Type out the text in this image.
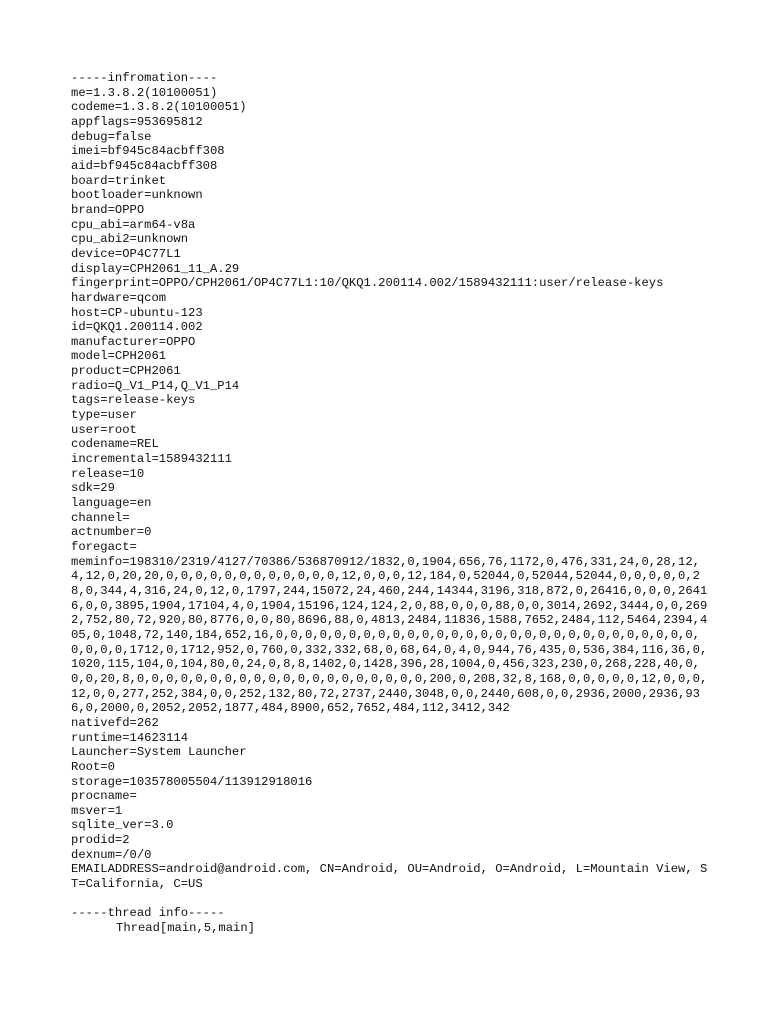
-----infromation----
me=1.3.8.2(10100051)
codeme=1.3.8.2(10100051)
appflags=953695812
debug=false
imei=bf945c84acbff308
aid=bf945c84acbff308
board=trinket
bootloader=unknown
brand=OPPO
cpu_abi=arm64-v8a
cpu_abi2=unknown
device=OP4C77L1
display=CPH2061_11_A.29
fingerprint=OPPO/CPH2061/OP4C77L1:10/QKQ1.200114.002/1589432111:user/release-keys
hardware=qcom
host=CP-ubuntu-123
id=QKQ1.200114.002
manufacturer=OPPO
model=CPH2061
product=CPH2061
radio=Q_V1_P14,Q_V1_P14
tags=release-keys
type=user
user=root
codename=REL
incremental=1589432111
release=10
sdk=29
language=en
channel=
actnumber=0
foregact=
meminfo=198310/2319/4127/70386/536870912/1832,0,1904,656,76,1172,0,476,331,24,0,28,12,4,12,0,20,20,0,0,0,0,0,0,0,0,0,0,0,0,12,0,0,0,12,184,0,52044,0,52044,52044,0,0,0,0,0,28,0,344,4,316,24,0,12,0,1797,244,15072,24,460,244,14344,3196,318,872,0,26416,0,0,0,26416,0,0,3895,1904,17104,4,0,1904,15196,124,124,2,0,88,0,0,0,88,0,0,3014,2692,3444,0,0,2692,752,80,72,920,80,8776,0,0,80,8696,88,0,4813,2484,11836,1588,7652,2484,112,5464,2394,405,0,1048,72,140,184,652,16,0,0,0,0,0,0,0,0,0,0,0,0,0,0,0,0,0,0,0,0,0,0,0,0,0,0,0,0,0,0,0,0,0,1712,0,1712,952,0,760,0,332,332,68,0,68,64,0,4,0,944,76,435,0,536,384,116,36,0,1020,115,104,0,104,80,0,24,0,8,8,1402,0,1428,396,28,1004,0,456,323,230,0,268,228,40,0,0,0,20,8,0,0,0,0,0,0,0,0,0,0,0,0,0,0,0,0,0,0,0,0,200,0,208,32,8,168,0,0,0,0,0,12,0,0,0,12,0,0,277,252,384,0,0,252,132,80,72,2737,2440,3048,0,0,2440,608,0,0,2936,2000,2936,936,0,2000,0,2052,2052,1877,484,8900,652,7652,484,112,3412,342
nativefd=262
runtime=14623114
Launcher=System Launcher
Root=0
storage=103578005504/113912918016
procname=
msver=1
sqlite_ver=3.0
prodid=2
dexnum=/0/0
EMAILADDRESS=android@android.com, CN=Android, OU=Android, O=Android, L=Mountain View, ST=California, C=US
-----thread info-----
Thread[main,5,main]
